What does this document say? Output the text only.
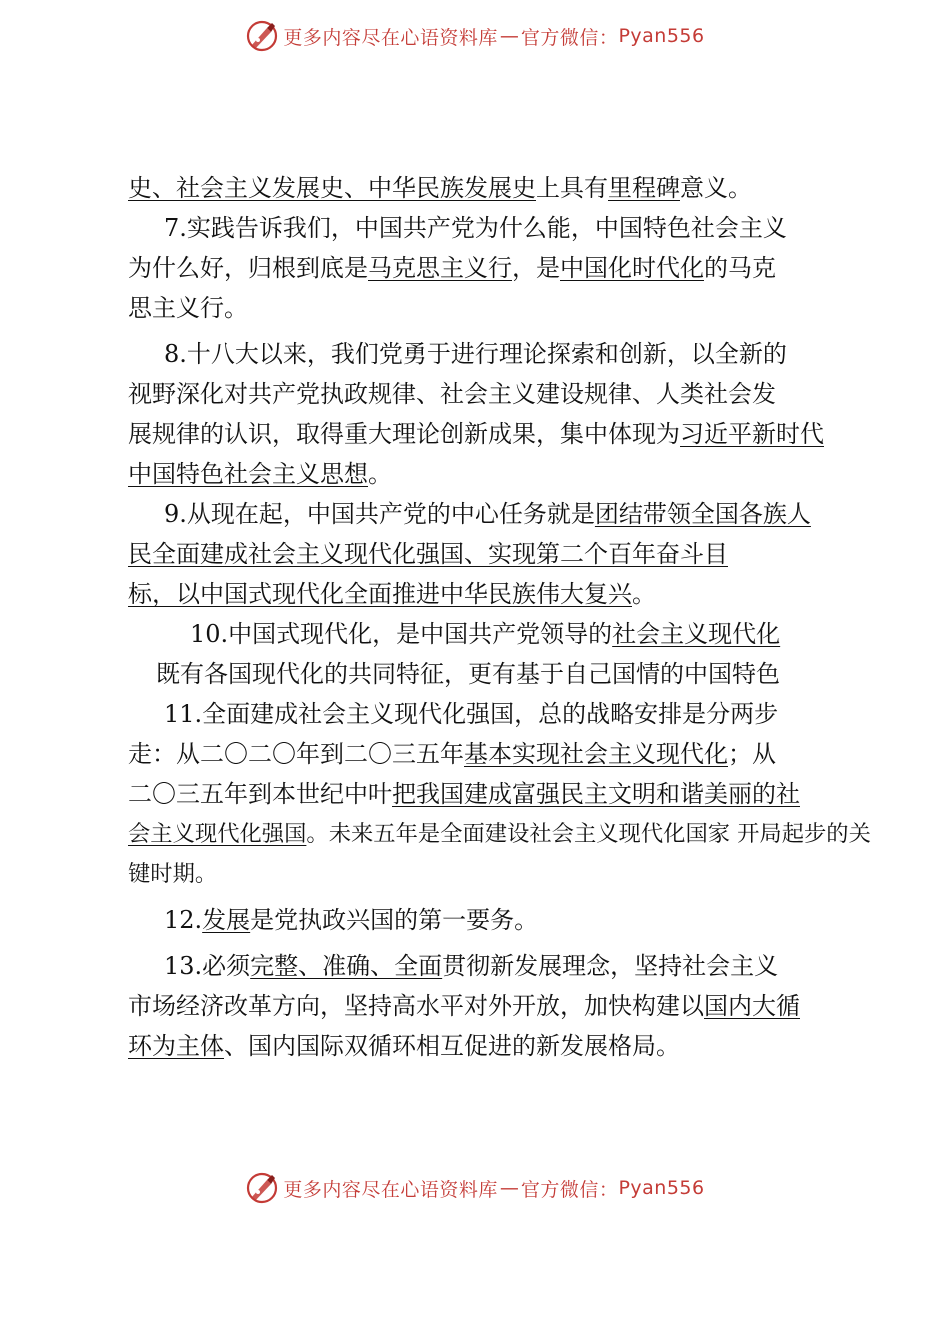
更多内容尽在心语资料库 — 官方微信： Pyan556
史、社会主义发展史、中华民族发展史上具有里程碑意义。
7.实践告诉我们，中国共产党为什么能，中国特色社会主义
为什么好，归根到底是马克思主义行，是中国化时代化的马克
思主义行。
8.十八大以来，我们党勇于进行理论探索和创新，以全新的
视野深化对共产党执政规律、社会主义建设规律、人类社会发
展规律的认识，取得重大理论创新成果，集中体现为习近平新时代
中国特色社会主义思想。
9.从现在起，中国共产党的中心任务就是团结带领全国各族人
民全面建成社会主义现代化强国、实现第二个百年奋斗目
标，以中国式现代化全面推进中华民族伟大复兴。
10.中国式现代化，是中国共产党领导的社会主义现代化
既有各国现代化的共同特征，更有基于自己国情的中国特色
11.全面建成社会主义现代化强国，总的战略安排是分两步
走：从二〇二〇年到二〇三五年基本实现社会主义现代化；从
二〇三五年到本世纪中叶把我国建成富强民主文明和谐美丽的社
会主义现代化强国。未来五年是全面建设社会主义现代化国家 开局起步的关
键时期。
12.发展是党执政兴国的第一要务。
13.必须完整、准确、全面贯彻新发展理念，坚持社会主义
市场经济改革方向，坚持高水平对外开放，加快构建以国内大循
环为主体、国内国际双循环相互促进的新发展格局。
更多内容尽在心语资料库 — 官方微信： Pyan556
